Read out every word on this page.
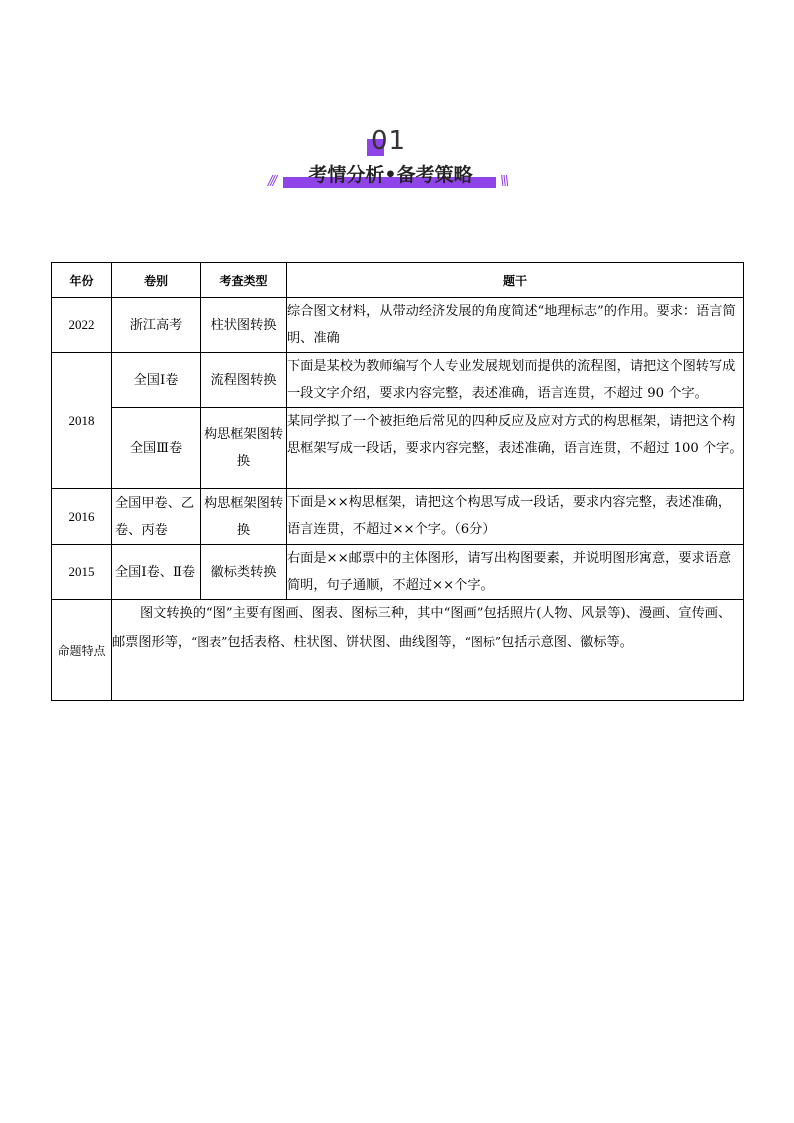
01
///	考情分析•备考策略	\\\
年份	卷别	考查类型	题干
2022	浙江高考	柱状图转换	综合图文材料，从带动经济发展的角度简述“地理标志”的作用。要求：语言简明、准确
2018	全国Ⅰ卷	流程图转换	下面是某校为教师编写个人专业发展规划而提供的流程图，请把这个图转写成一段文字介绍，要求内容完整，表述准确，语言连贯，不超过 90 个字。
	全国Ⅲ卷	构思框架图转换	某同学拟了一个被拒绝后常见的四种反应及应对方式的构思框架，请把这个构思框架写成一段话，要求内容完整，表述准确，语言连贯，不超过 100 个字。
2016	全国甲卷、乙卷、丙卷	构思框架图转换	下面是××构思框架，请把这个构思写成一段话，要求内容完整，表述准确，语言连贯，不超过××个字。（6分）
2015	全国Ⅰ卷、Ⅱ卷	徽标类转换	右面是××邮票中的主体图形，请写出构图要素，并说明图形寓意，要求语意简明，句子通顺，不超过××个字。
命题特点	图文转换的“图”主要有图画、图表、图标三种，其中“图画”包括照片(人物、风景等)、漫画、宣传画、邮票图形等，“图表”包括表格、柱状图、饼状图、曲线图等，“图标”包括示意图、徽标等。		
